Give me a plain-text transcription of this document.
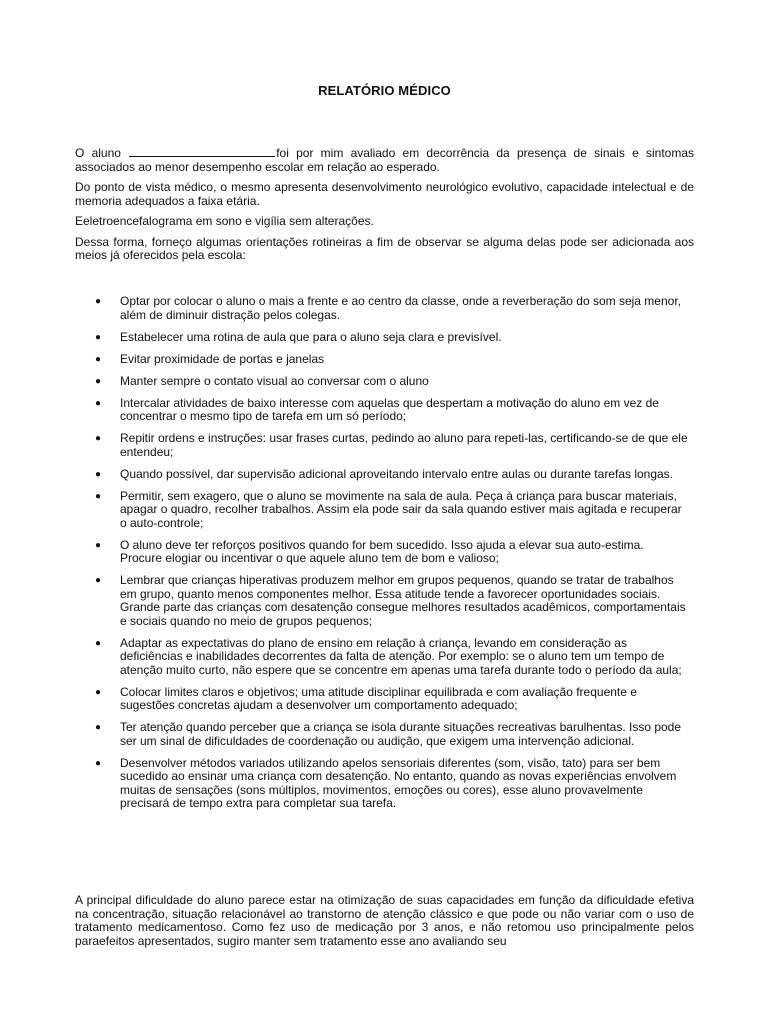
RELATÓRIO MÉDICO

O aluno	foi por mim avaliado em decorrência da presença de sinais e sintomas associados ao menor desempenho escolar em relação ao esperado.

Do ponto de vista médico, o mesmo apresenta desenvolvimento neurológico evolutivo, capacidade intelectual e de memoria adequados a faixa etária.

Eeletroencefalograma em sono e vigília sem alterações.

Dessa forma, forneço algumas orientações rotineiras a fim de observar se alguma delas pode ser adicionada aos meios já oferecidos pela escola:

● Optar por colocar o aluno o mais a frente e ao centro da classe, onde a reverberação do som seja menor, além de diminuir distração pelos colegas.
● Estabelecer uma rotina de aula que para o aluno seja clara e previsível.
● Evitar proximidade de portas e janelas
● Manter sempre o contato visual ao conversar com o aluno
● Intercalar atividades de baixo interesse com aquelas que despertam a motivação do aluno em vez de concentrar o mesmo tipo de tarefa em um só período;
● Repitir ordens e instruções: usar frases curtas, pedindo ao aluno para repeti-las, certificando-se de que ele entendeu;
● Quando possível, dar supervisão adicional aproveitando intervalo entre aulas ou durante tarefas longas.
● Permitir, sem exagero, que o aluno se movimente na sala de aula. Peça à criança para buscar materiais, apagar o quadro, recolher trabalhos. Assim ela pode sair da sala quando estiver mais agitada e recuperar o auto-controle;
● O aluno deve ter reforços positivos quando for bem sucedido. Isso ajuda a elevar sua auto-estima. Procure elogiar ou incentivar o que aquele aluno tem de bom e valioso;
● Lembrar que crianças hiperativas produzem melhor em grupos pequenos, quando se tratar de trabalhos em grupo, quanto menos componentes melhor. Essa atitude tende a favorecer oportunidades sociais. Grande parte das crianças com desatenção consegue melhores resultados acadêmicos, comportamentais e sociais quando no meio de grupos pequenos;
● Adaptar as expectativas do plano de ensino em relação à criança, levando em consideração as deficiências e inabilidades decorrentes da falta de atenção. Por exemplo: se o aluno tem um tempo de atenção muito curto, não espere que se concentre em apenas uma tarefa durante todo o período da aula;
● Colocar limites claros e objetivos; uma atitude disciplinar equilibrada e com avaliação frequente e sugestões concretas ajudam a desenvolver um comportamento adequado;
● Ter atenção quando perceber que a criança se isola durante situações recreativas barulhentas. Isso pode ser um sinal de dificuldades de coordenação ou audição, que exigem uma intervenção adicional.
● Desenvolver métodos variados utilizando apelos sensoriais diferentes (som, visão, tato) para ser bem sucedido ao ensinar uma criança com desatenção. No entanto, quando as novas experiências envolvem muitas de sensações (sons múltiplos, movimentos, emoções ou cores), esse aluno provavelmente precisará de tempo extra para completar sua tarefa.

A principal dificuldade do aluno parece estar na otimização de suas capacidades em função da dificuldade efetiva na concentração, situação relacionável ao transtorno de atenção clássico e que pode ou não variar com o uso de tratamento medicamentoso. Como fez uso de medicação por 3 anos, e não retomou uso principalmente pelos paraefeitos apresentados, sugiro manter sem tratamento esse ano avaliando seu
